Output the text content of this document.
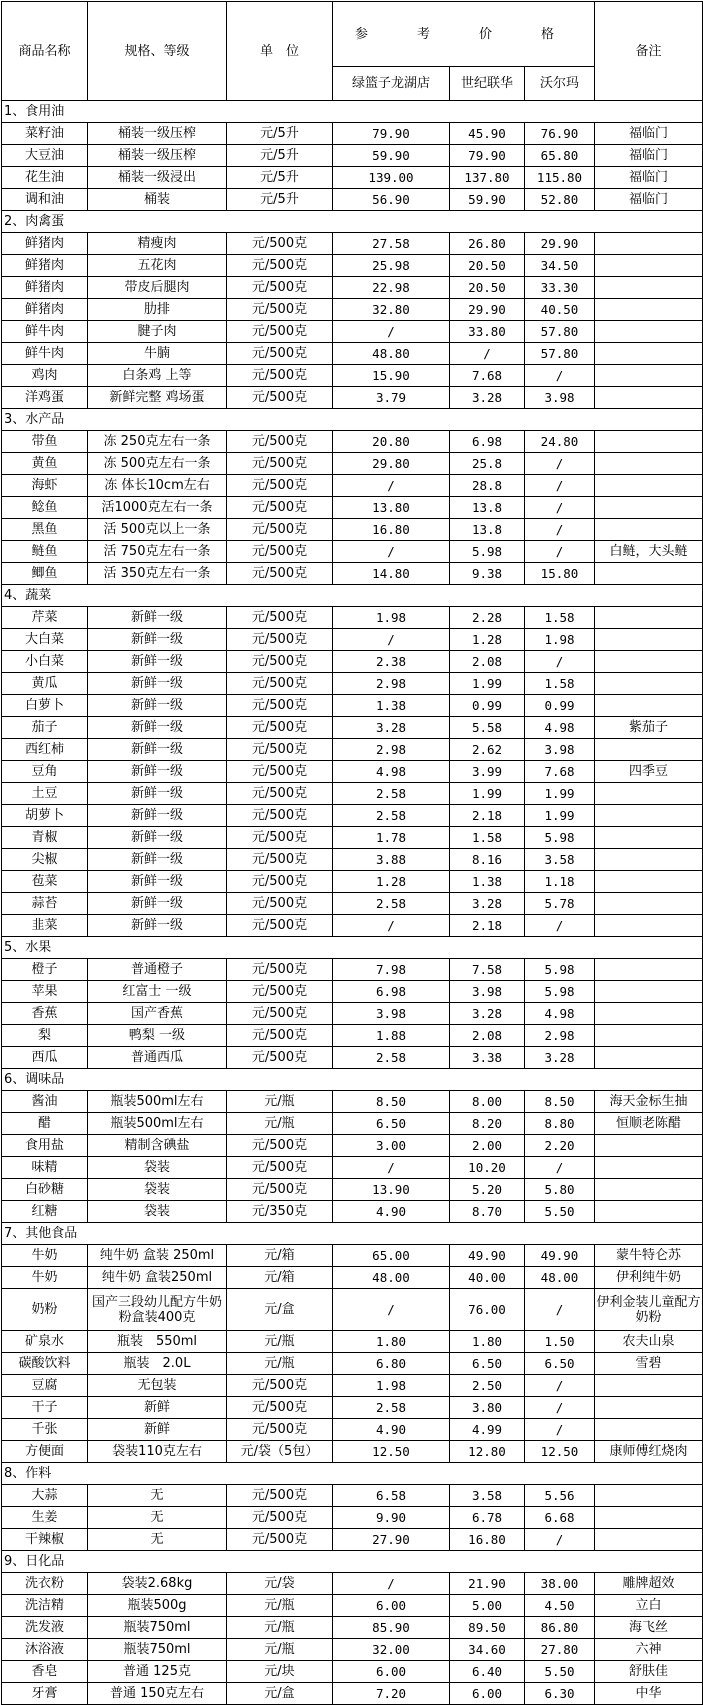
商品名称	规格、等级	单　位	参　考　价　格			备注
			绿篮子龙湖店	世纪联华	沃尔玛	
1、食用油						
菜籽油	桶装一级压榨	元/5升	79.90	45.90	76.90	福临门
大豆油	桶装一级压榨	元/5升	59.90	79.90	65.80	福临门
花生油	桶装一级浸出	元/5升	139.00	137.80	115.80	福临门
调和油	桶装	元/5升	56.90	59.90	52.80	福临门
2、肉禽蛋						
鲜猪肉	精瘦肉	元/500克	27.58	26.80	29.90	
鲜猪肉	五花肉	元/500克	25.98	20.50	34.50	
鲜猪肉	带皮后腿肉	元/500克	22.98	20.50	33.30	
鲜猪肉	肋排	元/500克	32.80	29.90	40.50	
鲜牛肉	腱子肉	元/500克	/	33.80	57.80	
鲜牛肉	牛腩	元/500克	48.80	/	57.80	
鸡肉	白条鸡 上等	元/500克	15.90	7.68	/	
洋鸡蛋	新鲜完整 鸡场蛋	元/500克	3.79	3.28	3.98	
3、水产品						
带鱼	冻 250克左右一条	元/500克	20.80	6.98	24.80	
黄鱼	冻 500克左右一条	元/500克	29.80	25.8	/	
海虾	冻 体长10cm左右	元/500克	/	28.8	/	
鲶鱼	活1000克左右一条	元/500克	13.80	13.8	/	
黑鱼	活 500克以上一条	元/500克	16.80	13.8	/	
鲢鱼	活 750克左右一条	元/500克	/	5.98	/	白鲢，大头鲢
鲫鱼	活 350克左右一条	元/500克	14.80	9.38	15.80	
4、蔬菜						
芹菜	新鲜一级	元/500克	1.98	2.28	1.58	
大白菜	新鲜一级	元/500克	/	1.28	1.98	
小白菜	新鲜一级	元/500克	2.38	2.08	/	
黄瓜	新鲜一级	元/500克	2.98	1.99	1.58	
白萝卜	新鲜一级	元/500克	1.38	0.99	0.99	
茄子	新鲜一级	元/500克	3.28	5.58	4.98	紫茄子
西红柿	新鲜一级	元/500克	2.98	2.62	3.98	
豆角	新鲜一级	元/500克	4.98	3.99	7.68	四季豆
土豆	新鲜一级	元/500克	2.58	1.99	1.99	
胡萝卜	新鲜一级	元/500克	2.58	2.18	1.99	
青椒	新鲜一级	元/500克	1.78	1.58	5.98	
尖椒	新鲜一级	元/500克	3.88	8.16	3.58	
苞菜	新鲜一级	元/500克	1.28	1.38	1.18	
蒜苔	新鲜一级	元/500克	2.58	3.28	5.78	
韭菜	新鲜一级	元/500克	/	2.18	/	
5、水果						
橙子	普通橙子	元/500克	7.98	7.58	5.98	
苹果	红富士 一级	元/500克	6.98	3.98	5.98	
香蕉	国产香蕉	元/500克	3.98	3.28	4.98	
梨	鸭梨 一级	元/500克	1.88	2.08	2.98	
西瓜	普通西瓜	元/500克	2.58	3.38	3.28	
6、调味品						
酱油	瓶装500ml左右	元/瓶	8.50	8.00	8.50	海天金标生抽
醋	瓶装500ml左右	元/瓶	6.50	8.20	8.80	恒顺老陈醋
食用盐	精制含碘盐	元/500克	3.00	2.00	2.20	
味精	袋装	元/500克	/	10.20	/	
白砂糖	袋装	元/500克	13.90	5.20	5.80	
红糖	袋装	元/350克	4.90	8.70	5.50	
7、其他食品						
牛奶	纯牛奶 盒装 250ml	元/箱	65.00	49.90	49.90	蒙牛特仑苏
牛奶	纯牛奶 盒装250ml	元/箱	48.00	40.00	48.00	伊利纯牛奶
奶粉	国产三段幼儿配方牛奶粉盒装400克	元/盒	/	76.00	/	伊利金装儿童配方奶粉
矿泉水	瓶装　550ml	元/瓶	1.80	1.80	1.50	农夫山泉
碳酸饮料	瓶装　2.0L	元/瓶	6.80	6.50	6.50	雪碧
豆腐	无包装	元/500克	1.98	2.50	/	
干子	新鲜	元/500克	2.58	3.80	/	
千张	新鲜	元/500克	4.90	4.99	/	
方便面	袋装110克左右	元/袋（5包）	12.50	12.80	12.50	康师傅红烧肉
8、作料						
大蒜	无	元/500克	6.58	3.58	5.56	
生姜	无	元/500克	9.90	6.78	6.68	
干辣椒	无	元/500克	27.90	16.80	/	
9、日化品						
洗衣粉	袋装2.68kg	元/袋	/	21.90	38.00	雕牌超效
洗洁精	瓶装500g	元/瓶	6.00	5.00	4.50	立白
洗发液	瓶装750ml	元/瓶	85.90	89.50	86.80	海飞丝
沐浴液	瓶装750ml	元/瓶	32.00	34.60	27.80	六神
香皂	普通 125克	元/块	6.00	6.40	5.50	舒肤佳
牙膏	普通 150克左右	元/盒	7.20	6.00	6.30	中华
